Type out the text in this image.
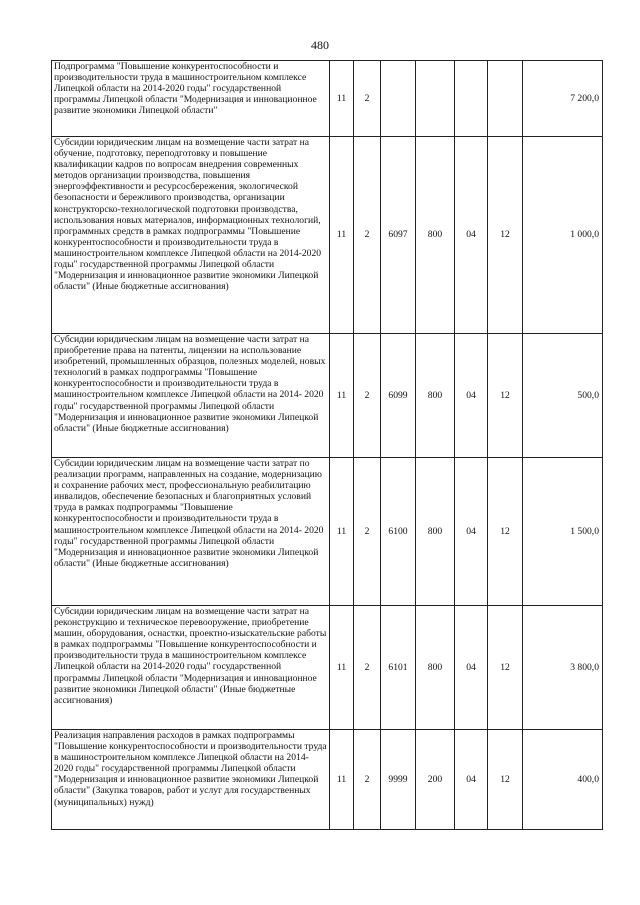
480
Подпрограмма "Повышение конкурентоспособности и производительности труда в машиностроительном комплексе Липецкой области на 2014-2020 годы" государственной программы Липецкой области "Модернизация и инновационное развитие экономики Липецкой области"	11	2					7 200,0
Субсидии юридическим лицам на возмещение части затрат на обучение, подготовку, переподготовку и повышение квалификации кадров по вопросам внедрения современных методов организации производства, повышения энергоэффективности и ресурсосбережения, экологической безопасности и бережливого производства, организации конструкторско-технологической подготовки производства, использования новых материалов, информационных технологий, программных средств в рамках подпрограммы "Повышение конкурентоспособности и производительности труда в машиностроительном комплексе Липецкой области на 2014-2020 годы" государственной программы Липецкой области "Модернизация и инновационное развитие экономики Липецкой области" (Иные бюджетные ассигнования)	11	2	6097	800	04	12	1 000,0
Субсидии юридическим лицам на возмещение части затрат на приобретение права на патенты, лицензии на использование изобретений, промышленных образцов, полезных моделей, новых технологий в рамках подпрограммы "Повышение конкурентоспособности и производительности труда в машиностроительном комплексе Липецкой области на 2014- 2020 годы" государственной программы Липецкой области "Модернизация и инновационное развитие экономики Липецкой области" (Иные бюджетные ассигнования)	11	2	6099	800	04	12	500,0
Субсидии юридическим лицам на возмещение части затрат по реализации программ, направленных на создание, модернизацию и сохранение рабочих мест, профессиональную реабилитацию инвалидов, обеспечение безопасных и благоприятных условий труда в рамках подпрограммы "Повышение конкурентоспособности и производительности труда в машиностроительном комплексе Липецкой области на 2014- 2020 годы" государственной программы Липецкой области "Модернизация и инновационное развитие экономики Липецкой области" (Иные бюджетные ассигнования)	11	2	6100	800	04	12	1 500,0
Субсидии юридическим лицам на возмещение части затрат на реконструкцию и техническое перевооружение, приобретение машин, оборудования, оснастки, проектно-изыскательские работы в рамках подпрограммы "Повышение конкурентоспособности и производительности труда в машиностроительном комплексе Липецкой области на 2014-2020 годы" государственной программы Липецкой области "Модернизация и инновационное развитие экономики Липецкой области" (Иные бюджетные ассигнования)	11	2	6101	800	04	12	3 800,0
Реализация направления расходов в рамках подпрограммы "Повышение конкурентоспособности и производительности труда в машиностроительном комплексе Липецкой области на 2014-2020 годы" государственной программы Липецкой области "Модернизация и инновационное развитие экономики Липецкой области" (Закупка товаров, работ и услуг для государственных (муниципальных) нужд)	11	2	9999	200	04	12	400,0
